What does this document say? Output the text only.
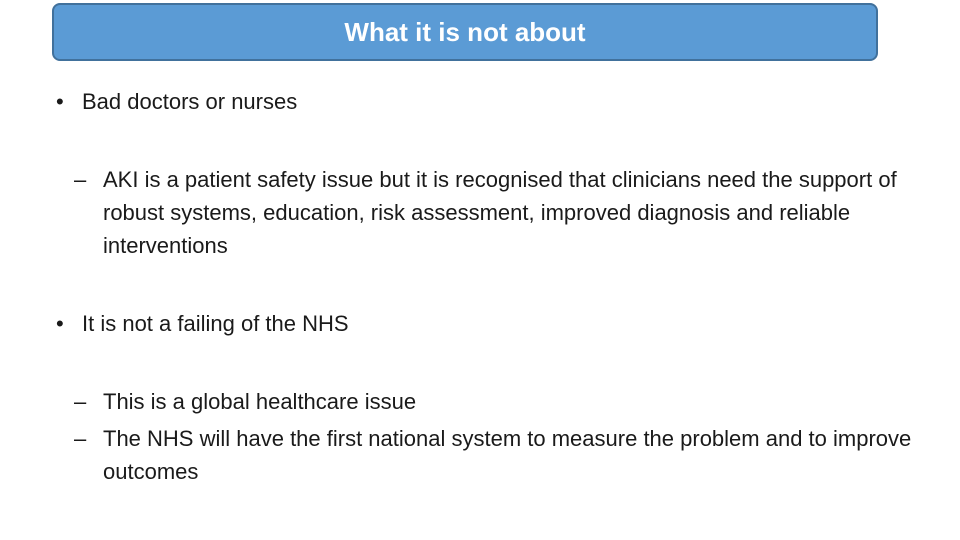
What it is not about
• Bad doctors or nurses
– AKI is a patient safety issue but it is recognised that clinicians need the support of robust systems, education, risk assessment, improved diagnosis and reliable interventions
• It is not a failing of the NHS
– This is a global healthcare issue
– The NHS will have the first national system to measure the problem and to improve outcomes
